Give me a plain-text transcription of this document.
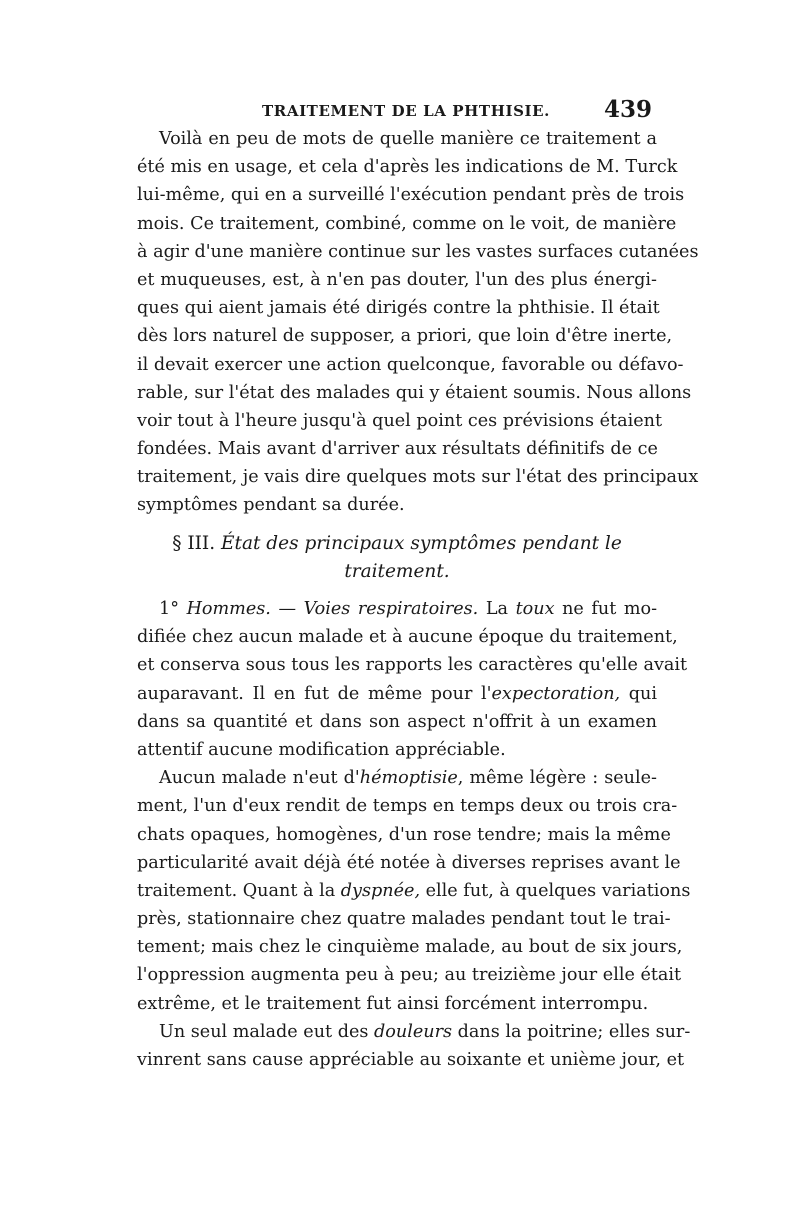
TRAITEMENT DE LA PHTHISIE. 439
Voilà en peu de mots de quelle manière ce traitement a
été mis en usage, et cela d'après les indications de M. Turck
lui-même, qui en a surveillé l'exécution pendant près de trois
mois. Ce traitement, combiné, comme on le voit, de manière
à agir d'une manière continue sur les vastes surfaces cutanées
et muqueuses, est, à n'en pas douter, l'un des plus énergi-
ques qui aient jamais été dirigés contre la phthisie. Il était
dès lors naturel de supposer, a priori, que loin d'être inerte,
il devait exercer une action quelconque, favorable ou défavo-
rable, sur l'état des malades qui y étaient soumis. Nous allons
voir tout à l'heure jusqu'à quel point ces prévisions étaient
fondées. Mais avant d'arriver aux résultats définitifs de ce
traitement, je vais dire quelques mots sur l'état des principaux
symptômes pendant sa durée.
§ III. État des principaux symptômes pendant le
traitement.
1° Hommes. — Voies respiratoires. La toux ne fut mo-
difiée chez aucun malade et à aucune époque du traitement,
et conserva sous tous les rapports les caractères qu'elle avait
auparavant. Il en fut de même pour l'expectoration, qui
dans sa quantité et dans son aspect n'offrit à un examen
attentif aucune modification appréciable.
Aucun malade n'eut d'hémoptisie, même légère : seule-
ment, l'un d'eux rendit de temps en temps deux ou trois cra-
chats opaques, homogènes, d'un rose tendre; mais la même
particularité avait déjà été notée à diverses reprises avant le
traitement. Quant à la dyspnée, elle fut, à quelques variations
près, stationnaire chez quatre malades pendant tout le trai-
tement; mais chez le cinquième malade, au bout de six jours,
l'oppression augmenta peu à peu; au treizième jour elle était
extrême, et le traitement fut ainsi forcément interrompu.
Un seul malade eut des douleurs dans la poitrine; elles sur-
vinrent sans cause appréciable au soixante et unième jour, et
